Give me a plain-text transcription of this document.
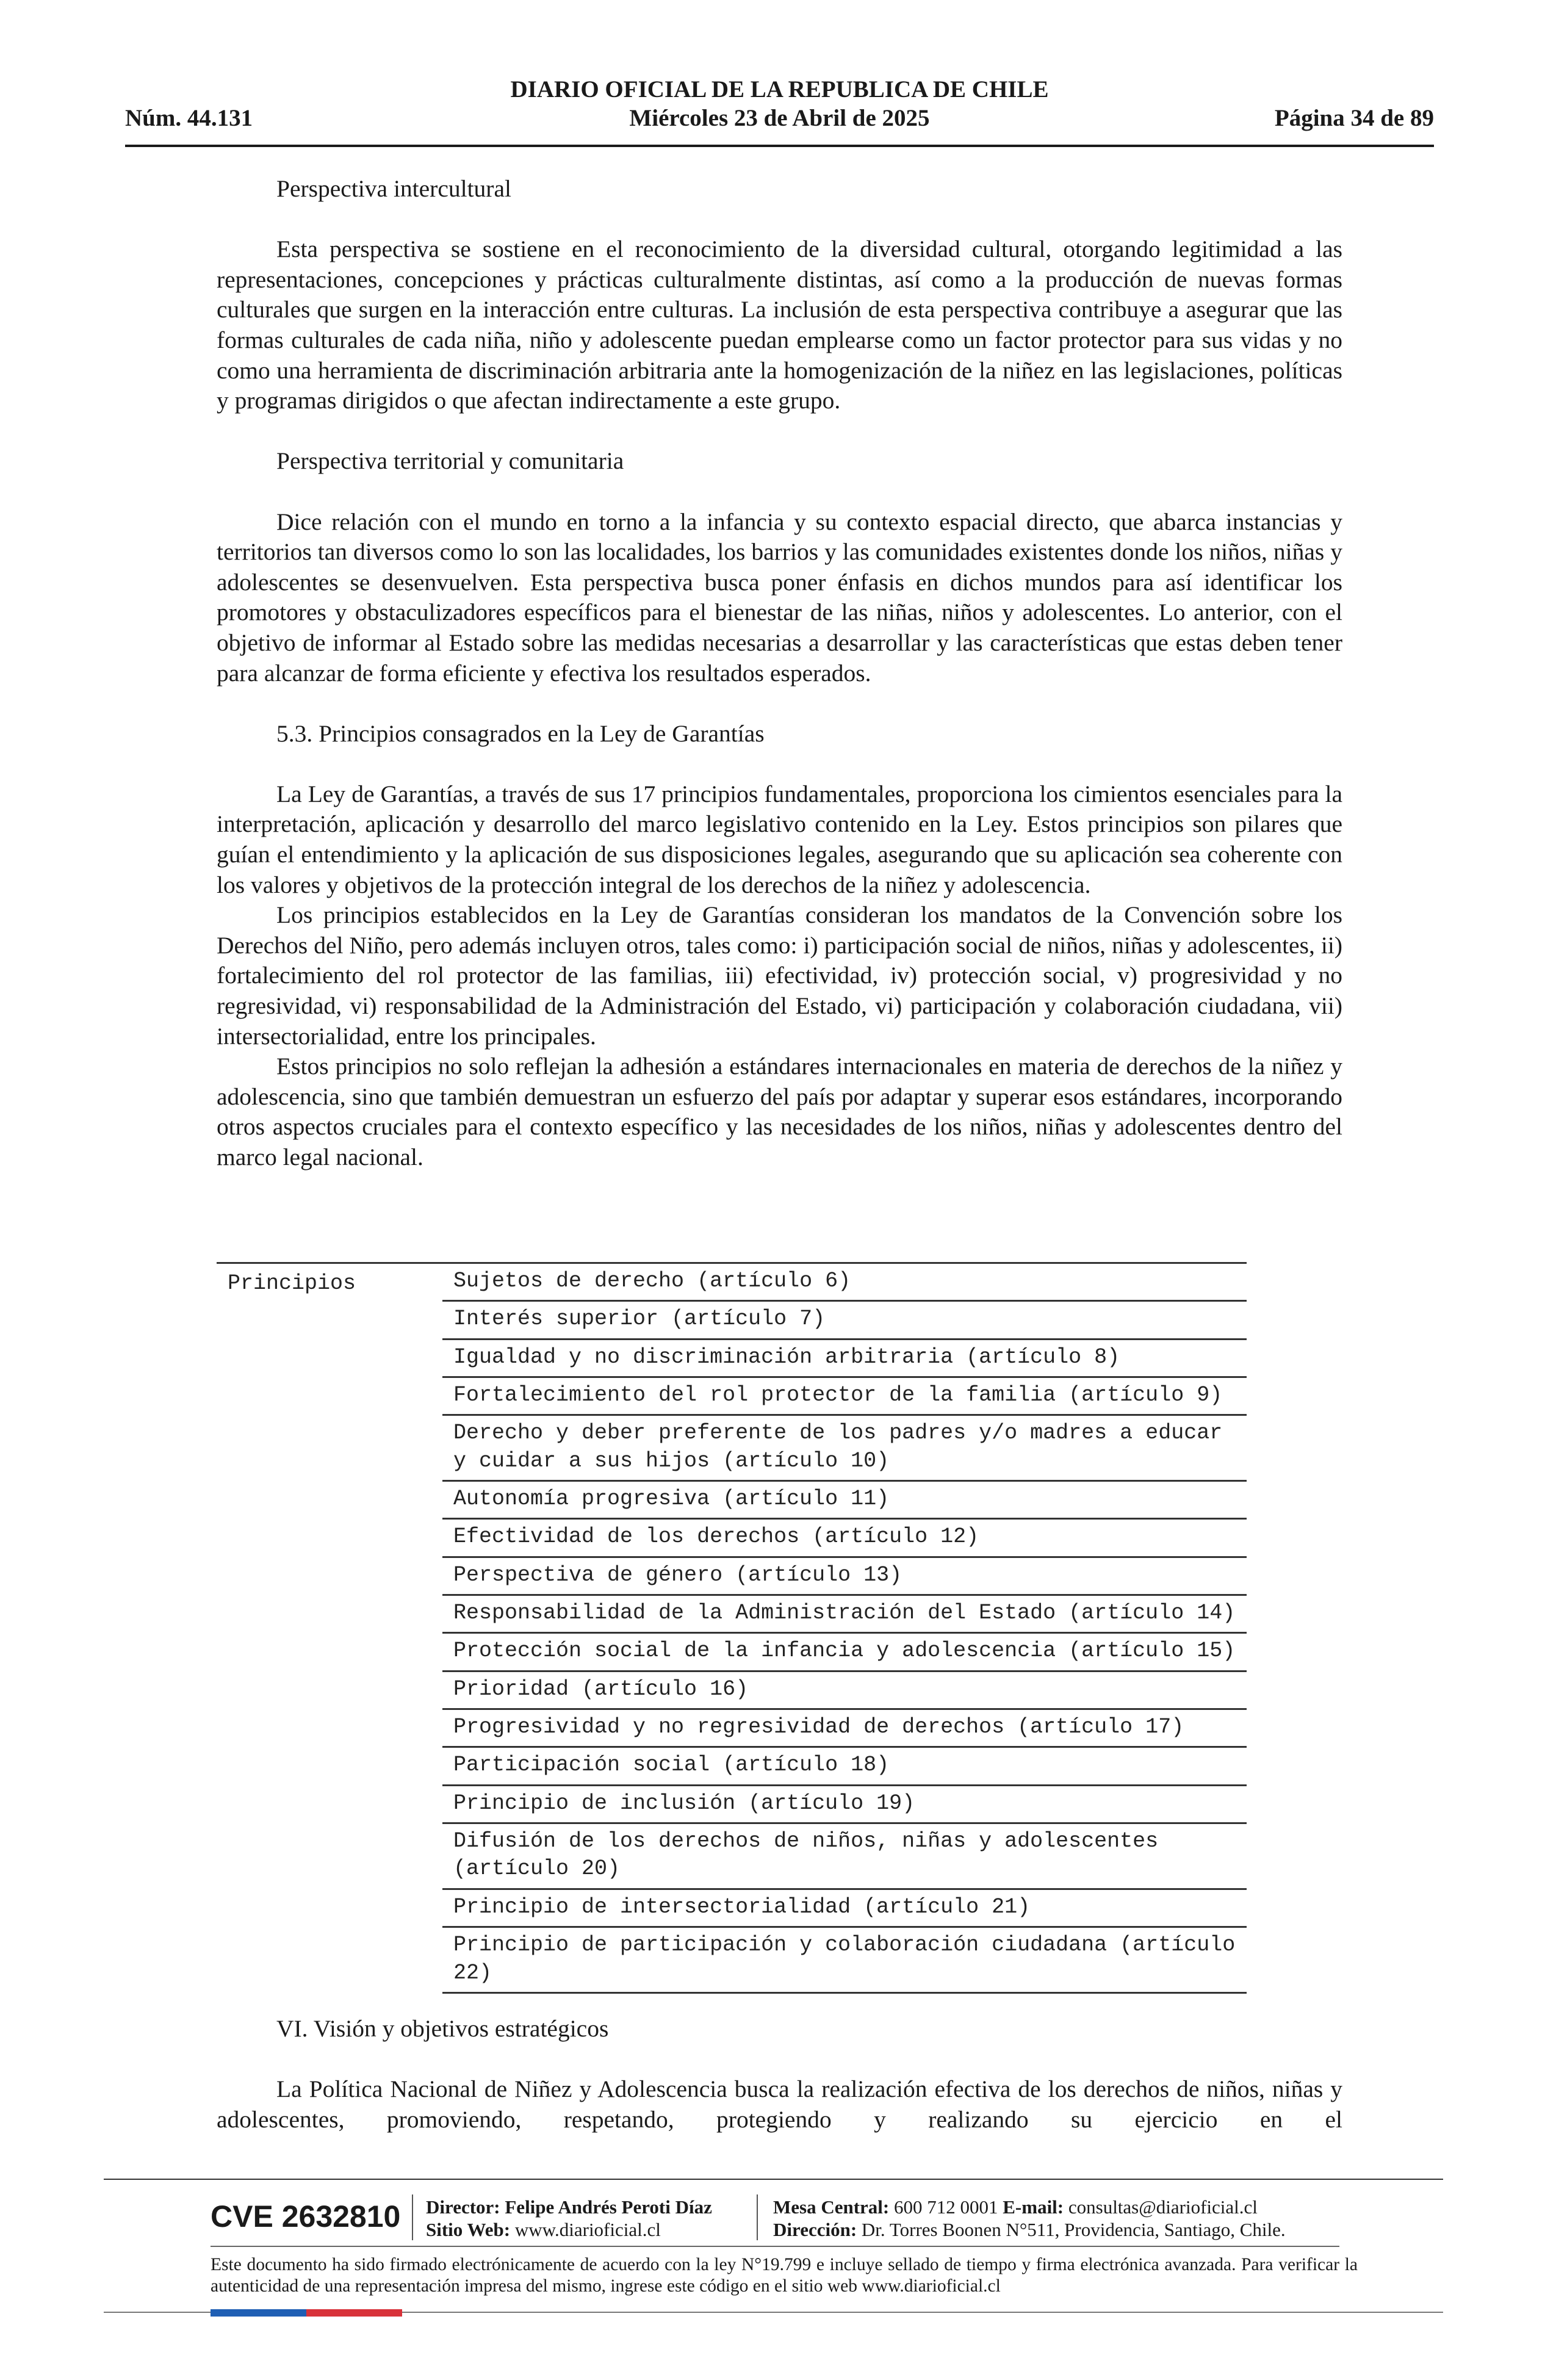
DIARIO OFICIAL DE LA REPUBLICA DE CHILE
Núm. 44.131	Miércoles 23 de Abril de 2025	Página 34 de 89

Perspectiva intercultural

Esta perspectiva se sostiene en el reconocimiento de la diversidad cultural, otorgando legitimidad a las representaciones, concepciones y prácticas culturalmente distintas, así como a la producción de nuevas formas culturales que surgen en la interacción entre culturas. La inclusión de esta perspectiva contribuye a asegurar que las formas culturales de cada niña, niño y adolescente puedan emplearse como un factor protector para sus vidas y no como una herramienta de discriminación arbitraria ante la homogenización de la niñez en las legislaciones, políticas y programas dirigidos o que afectan indirectamente a este grupo.

Perspectiva territorial y comunitaria

Dice relación con el mundo en torno a la infancia y su contexto espacial directo, que abarca instancias y territorios tan diversos como lo son las localidades, los barrios y las comunidades existentes donde los niños, niñas y adolescentes se desenvuelven. Esta perspectiva busca poner énfasis en dichos mundos para así identificar los promotores y obstaculizadores específicos para el bienestar de las niñas, niños y adolescentes. Lo anterior, con el objetivo de informar al Estado sobre las medidas necesarias a desarrollar y las características que estas deben tener para alcanzar de forma eficiente y efectiva los resultados esperados.

5.3. Principios consagrados en la Ley de Garantías

La Ley de Garantías, a través de sus 17 principios fundamentales, proporciona los cimientos esenciales para la interpretación, aplicación y desarrollo del marco legislativo contenido en la Ley. Estos principios son pilares que guían el entendimiento y la aplicación de sus disposiciones legales, asegurando que su aplicación sea coherente con los valores y objetivos de la protección integral de los derechos de la niñez y adolescencia.

Los principios establecidos en la Ley de Garantías consideran los mandatos de la Convención sobre los Derechos del Niño, pero además incluyen otros, tales como: i) participación social de niños, niñas y adolescentes, ii) fortalecimiento del rol protector de las familias, iii) efectividad, iv) protección social, v) progresividad y no regresividad, vi) responsabilidad de la Administración del Estado, vi) participación y colaboración ciudadana, vii) intersectorialidad, entre los principales.

Estos principios no solo reflejan la adhesión a estándares internacionales en materia de derechos de la niñez y adolescencia, sino que también demuestran un esfuerzo del país por adaptar y superar esos estándares, incorporando otros aspectos cruciales para el contexto específico y las necesidades de los niños, niñas y adolescentes dentro del marco legal nacional.

Principios	Sujetos de derecho (artículo 6)
Interés superior (artículo 7)
Igualdad y no discriminación arbitraria (artículo 8)
Fortalecimiento del rol protector de la familia (artículo 9)
Derecho y deber preferente de los padres y/o madres a educar y cuidar a sus hijos (artículo 10)
Autonomía progresiva (artículo 11)
Efectividad de los derechos (artículo 12)
Perspectiva de género (artículo 13)
Responsabilidad de la Administración del Estado (artículo 14)
Protección social de la infancia y adolescencia (artículo 15)
Prioridad (artículo 16)
Progresividad y no regresividad de derechos (artículo 17)
Participación social (artículo 18)
Principio de inclusión (artículo 19)
Difusión de los derechos de niños, niñas y adolescentes (artículo 20)
Principio de intersectorialidad (artículo 21)
Principio de participación y colaboración ciudadana (artículo 22)

VI. Visión y objetivos estratégicos

La Política Nacional de Niñez y Adolescencia busca la realización efectiva de los derechos de niños, niñas y adolescentes, promoviendo, respetando, protegiendo y realizando su ejercicio en el

CVE 2632810 Director: Felipe Andrés Peroti Díaz
Sitio Web: www.diarioficial.cl
Mesa Central: 600 712 0001 E-mail: consultas@diarioficial.cl
Dirección: Dr. Torres Boonen N°511, Providencia, Santiago, Chile.
Este documento ha sido firmado electrónicamente de acuerdo con la ley N°19.799 e incluye sellado de tiempo y firma electrónica avanzada. Para verificar la autenticidad de una representación impresa del mismo, ingrese este código en el sitio web www.diarioficial.cl
